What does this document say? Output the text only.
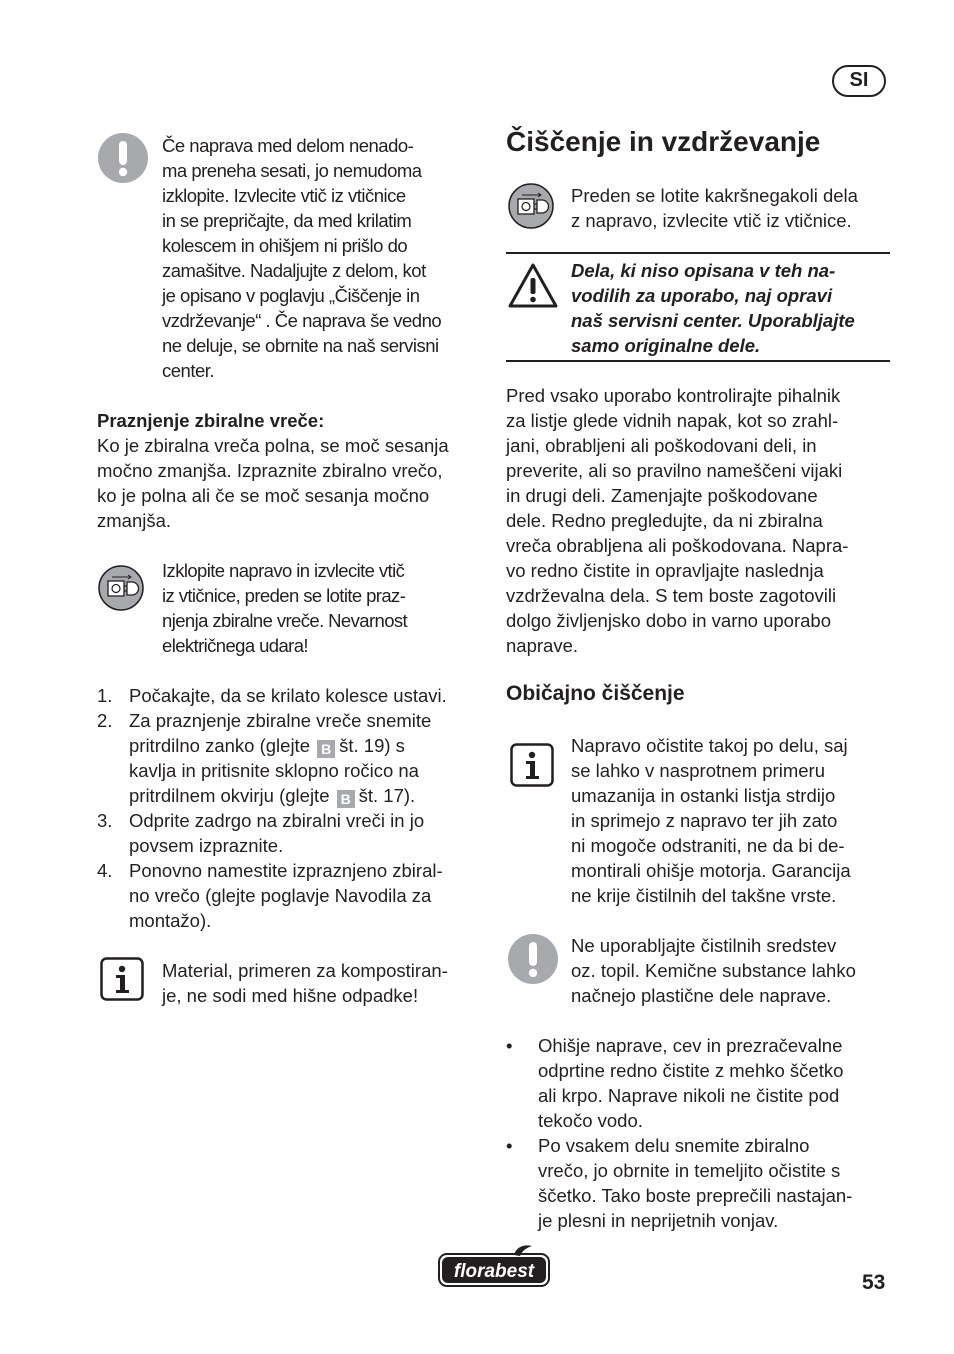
SI
Če naprava med delom nenado-
ma preneha sesati, jo nemudoma
izklopite. Izvlecite vtič iz vtičnice
in se prepričajte, da med krilatim
kolescem in ohišjem ni prišlo do
zamašitve. Nadaljujte z delom, kot
je opisano v poglavju „Čiščenje in
vzdrževanje“ . Če naprava še vedno
ne deluje, se obrnite na naš servisni
center.
Praznjenje zbiralne vreče:
Ko je zbiralna vreča polna, se moč sesanja
močno zmanjša. Izpraznite zbiralno vrečo,
ko je polna ali če se moč sesanja močno
zmanjša.
Izklopite napravo in izvlecite vtič
iz vtičnice, preden se lotite praz-
njenja zbiralne vreče. Nevarnost
električnega udara!
1. Počakajte, da se krilato kolesce ustavi.
2. Za praznjenje zbiralne vreče snemite
pritrdilno zanko (glejte B št. 19) s
kavlja in pritisnite sklopno ročico na
pritrdilnem okvirju (glejte B št. 17).
3. Odprite zadrgo na zbiralni vreči in jo
povsem izpraznite.
4. Ponovno namestite izpraznjeno zbiral-
no vrečo (glejte poglavje Navodila za
montažo).
Material, primeren za kompostiran-
je, ne sodi med hišne odpadke!
Čiščenje in vzdrževanje
Preden se lotite kakršnegakoli dela
z napravo, izvlecite vtič iz vtičnice.
Dela, ki niso opisana v teh na-
vodilih za uporabo, naj opravi
naš servisni center. Uporabljajte
samo originalne dele.
Pred vsako uporabo kontrolirajte pihalnik
za listje glede vidnih napak, kot so zrahl-
jani, obrabljeni ali poškodovani deli, in
preverite, ali so pravilno nameščeni vijaki
in drugi deli. Zamenjajte poškodovane
dele. Redno pregledujte, da ni zbiralna
vreča obrabljena ali poškodovana. Napra-
vo redno čistite in opravljajte naslednja
vzdrževalna dela. S tem boste zagotovili
dolgo življenjsko dobo in varno uporabo
naprave.
Običajno čiščenje
Napravo očistite takoj po delu, saj
se lahko v nasprotnem primeru
umazanija in ostanki listja strdijo
in sprimejo z napravo ter jih zato
ni mogoče odstraniti, ne da bi de-
montirali ohišje motorja. Garancija
ne krije čistilnih del takšne vrste.
Ne uporabljajte čistilnih sredstev
oz. topil. Kemične substance lahko
načnejo plastične dele naprave.
• Ohišje naprave, cev in prezračevalne
odprtine redno čistite z mehko ščetko
ali krpo. Naprave nikoli ne čistite pod
tekočo vodo.
• Po vsakem delu snemite zbiralno
vrečo, jo obrnite in temeljito očistite s
ščetko. Tako boste preprečili nastajan-
je plesni in neprijetnih vonjav.
florabest	53
